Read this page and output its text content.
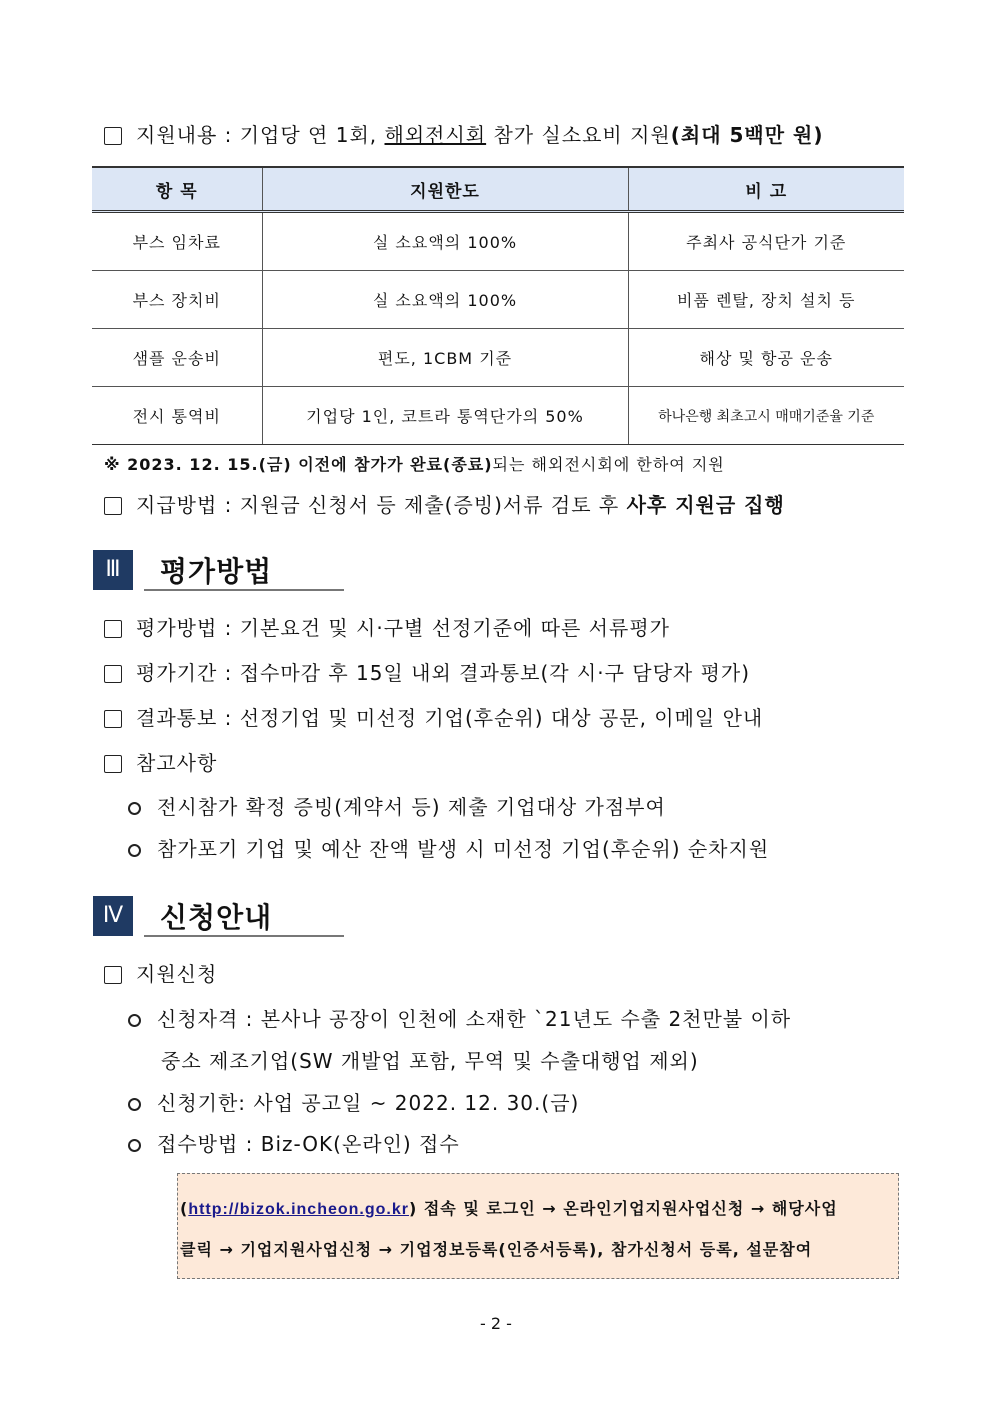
지원내용 : 기업당 연 1회, 해외전시회 참가 실소요비 지원(최대 5백만 원)
항 목	지원한도	비 고
부스 임차료	실 소요액의 100%	주최사 공식단가 기준
부스 장치비	실 소요액의 100%	비품 렌탈, 장치 설치 등
샘플 운송비	편도, 1CBM 기준	해상 및 항공 운송
전시 통역비	기업당 1인, 코트라 통역단가의 50%	하나은행 최초고시 매매기준율 기준
※ 2023. 12. 15.(금) 이전에 참가가 완료(종료)되는 해외전시회에 한하여 지원
지급방법 : 지원금 신청서 등 제출(증빙)서류 검토 후 사후 지원금 집행
Ⅲ	평가방법
평가방법 : 기본요건 및 시·구별 선정기준에 따른 서류평가
평가기간 : 접수마감 후 15일 내외 결과통보(각 시·구 담당자 평가)
결과통보 : 선정기업 및 미선정 기업(후순위) 대상 공문, 이메일 안내
참고사항
전시참가 확정 증빙(계약서 등) 제출 기업대상 가점부여
참가포기 기업 및 예산 잔액 발생 시 미선정 기업(후순위) 순차지원
Ⅳ	신청안내
지원신청
신청자격 : 본사나 공장이 인천에 소재한 `21년도 수출 2천만불 이하
중소 제조기업(SW 개발업 포함, 무역 및 수출대행업 제외)
신청기한: 사업 공고일 ~ 2022. 12. 30.(금)
접수방법 : Biz-OK(온라인) 접수
(http://bizok.incheon.go.kr) 접속 및 로그인 → 온라인기업지원사업신청 → 해당사업
클릭 → 기업지원사업신청 → 기업정보등록(인증서등록), 참가신청서 등록, 설문참여
- 2 -
